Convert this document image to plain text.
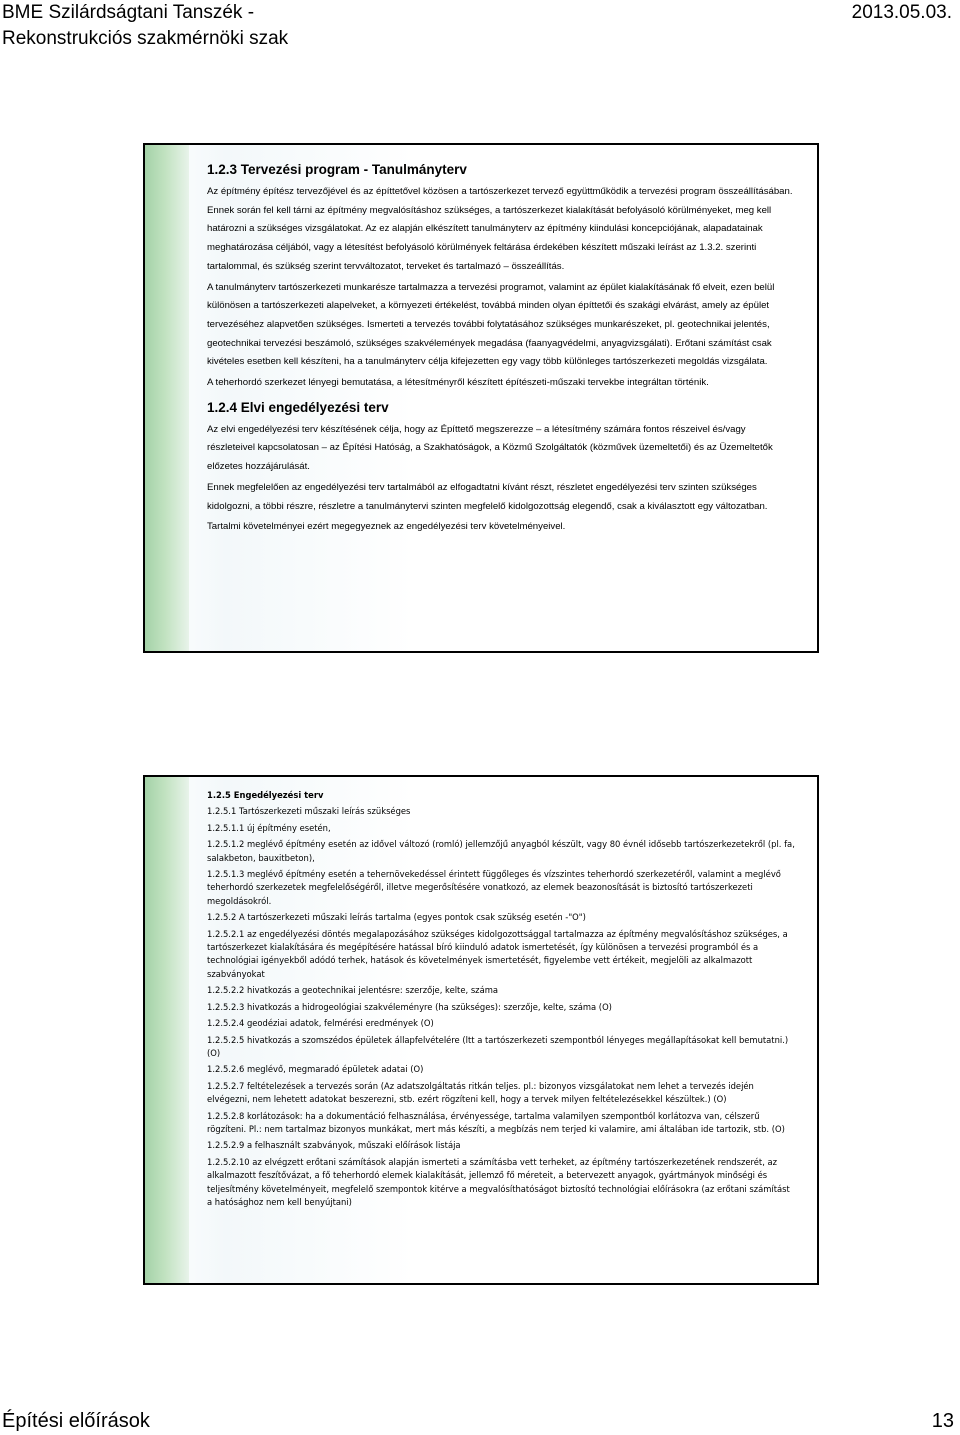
BME Szilárdságtani Tanszék -
Rekonstrukciós szakmérnöki szak
2013.05.03.
1.2.3 Tervezési program - Tanulmányterv

Az építmény építész tervezőjével és az építtetővel közösen a tartószerkezet tervező együttműködik a tervezési program összeállításában. Ennek során fel kell tárni az építmény megvalósításhoz szükséges, a tartószerkezet kialakítását befolyásoló körülményeket, meg kell határozni a szükséges vizsgálatokat. Az ez alapján elkészített tanulmányterv az építmény kiindulási koncepciójának, alapadatainak meghatározása céljából, vagy a létesítést befolyásoló körülmények feltárása érdekében készített műszaki leírást az 1.3.2. szerinti tartalommal, és szükség szerint tervváltozatot, terveket és tartalmazó – összeállítás.

A tanulmányterv tartószerkezeti munkarésze tartalmazza a tervezési programot, valamint az épület kialakításának fő elveit, ezen belül különösen a tartószerkezeti alapelveket, a környezeti értékelést, továbbá minden olyan építtetői és szakági elvárást, amely az épület tervezéséhez alapvetően szükséges. Ismerteti a tervezés további folytatásához szükséges munkarészeket, pl. geotechnikai jelentés, geotechnikai tervezési beszámoló, szükséges szakvélemények megadása (faanyagvédelmi, anyagvizsgálati). Erőtani számítást csak kivételes esetben kell készíteni, ha a tanulmányterv célja kifejezetten egy vagy több különleges tartószerkezeti megoldás vizsgálata.

A teherhordó szerkezet lényegi bemutatása, a létesítményről készített építészeti-műszaki tervekbe integráltan történik.

1.2.4 Elvi engedélyezési terv

Az elvi engedélyezési terv készítésének célja, hogy az Építtető megszerezze – a létesítmény számára fontos részeivel és/vagy részleteivel kapcsolatosan – az Építési Hatóság, a Szakhatóságok, a Közmű Szolgáltatók (közművek üzemeltetői) és az Üzemeltetők előzetes hozzájárulását.

Ennek megfelelően az engedélyezési terv tartalmából az elfogadtatni kívánt részt, részletet engedélyezési terv szinten szükséges kidolgozni, a többi részre, részletre a tanulmánytervi szinten megfelelő kidolgozottság elegendő, csak a kiválasztott egy változatban.

Tartalmi követelményei ezért megegyeznek az engedélyezési terv követelményeivel.

1.2.5 Engedélyezési terv

1.2.5.1 Tartószerkezeti műszaki leírás szükséges

1.2.5.1.1 új építmény esetén,

1.2.5.1.2 meglévő építmény esetén az idővel változó (romló) jellemzőjű anyagból készült, vagy 80 évnél idősebb tartószerkezetekről (pl. fa, salakbeton, bauxitbeton),

1.2.5.1.3 meglévő építmény esetén a tehernövekedéssel érintett függőleges és vízszintes teherhordó szerkezetéről, valamint a meglévő teherhordó szerkezetek megfelelőségéről, illetve megerősítésére vonatkozó, az elemek beazonosítását is biztosító tartószerkezeti megoldásokról.

1.2.5.2 A tartószerkezeti műszaki leírás tartalma (egyes pontok csak szükség esetén -"O")

1.2.5.2.1 az engedélyezési döntés megalapozásához szükséges kidolgozottsággal tartalmazza az építmény megvalósításhoz szükséges, a tartószerkezet kialakítására és megépítésére hatással bíró kiinduló adatok ismertetését, így különösen a tervezési programból és a technológiai igényekből adódó terhek, hatások és követelmények ismertetését, figyelembe vett értékeit, megjelöli az alkalmazott szabványokat

1.2.5.2.2 hivatkozás a geotechnikai jelentésre: szerzője, kelte, száma

1.2.5.2.3 hivatkozás a hidrogeológiai szakvéleményre (ha szükséges): szerzője, kelte, száma (O)

1.2.5.2.4 geodéziai adatok, felmérési eredmények (O)

1.2.5.2.5 hivatkozás a szomszédos épületek állapfelvételére (ltt a tartószerkezeti szempontból lényeges megállapításokat kell bemutatni.) (O)

1.2.5.2.6 meglévő, megmaradó épületek adatai (O)

1.2.5.2.7 feltételezések a tervezés során (Az adatszolgáltatás ritkán teljes. pl.: bizonyos vizsgálatokat nem lehet a tervezés idején elvégezni, nem lehetett adatokat beszerezni, stb. ezért rögzíteni kell, hogy a tervek milyen feltételezésekkel készültek.) (O)

1.2.5.2.8 korlátozások: ha a dokumentáció felhasználása, érvényessége, tartalma valamilyen szempontból korlátozva van, célszerű rögzíteni. Pl.: nem tartalmaz bizonyos munkákat, mert más készíti, a megbízás nem terjed ki valamire, ami általában ide tartozik, stb. (O)

1.2.5.2.9 a felhasznált szabványok, műszaki előírások listája

1.2.5.2.10 az elvégzett erőtani számítások alapján ismerteti a számításba vett terheket, az építmény tartószerkezetének rendszerét, az alkalmazott feszítővázat, a fő teherhordó elemek kialakítását, jellemző fő méreteit, a betervezett anyagok, gyártmányok minőségi és teljesítmény követelményeit, megfelelő szempontok kitérve a megvalósíthatóságot biztosító technológiai előírásokra (az erőtani számítást a hatósághoz nem kell benyújtani)

Építési előírások	13
